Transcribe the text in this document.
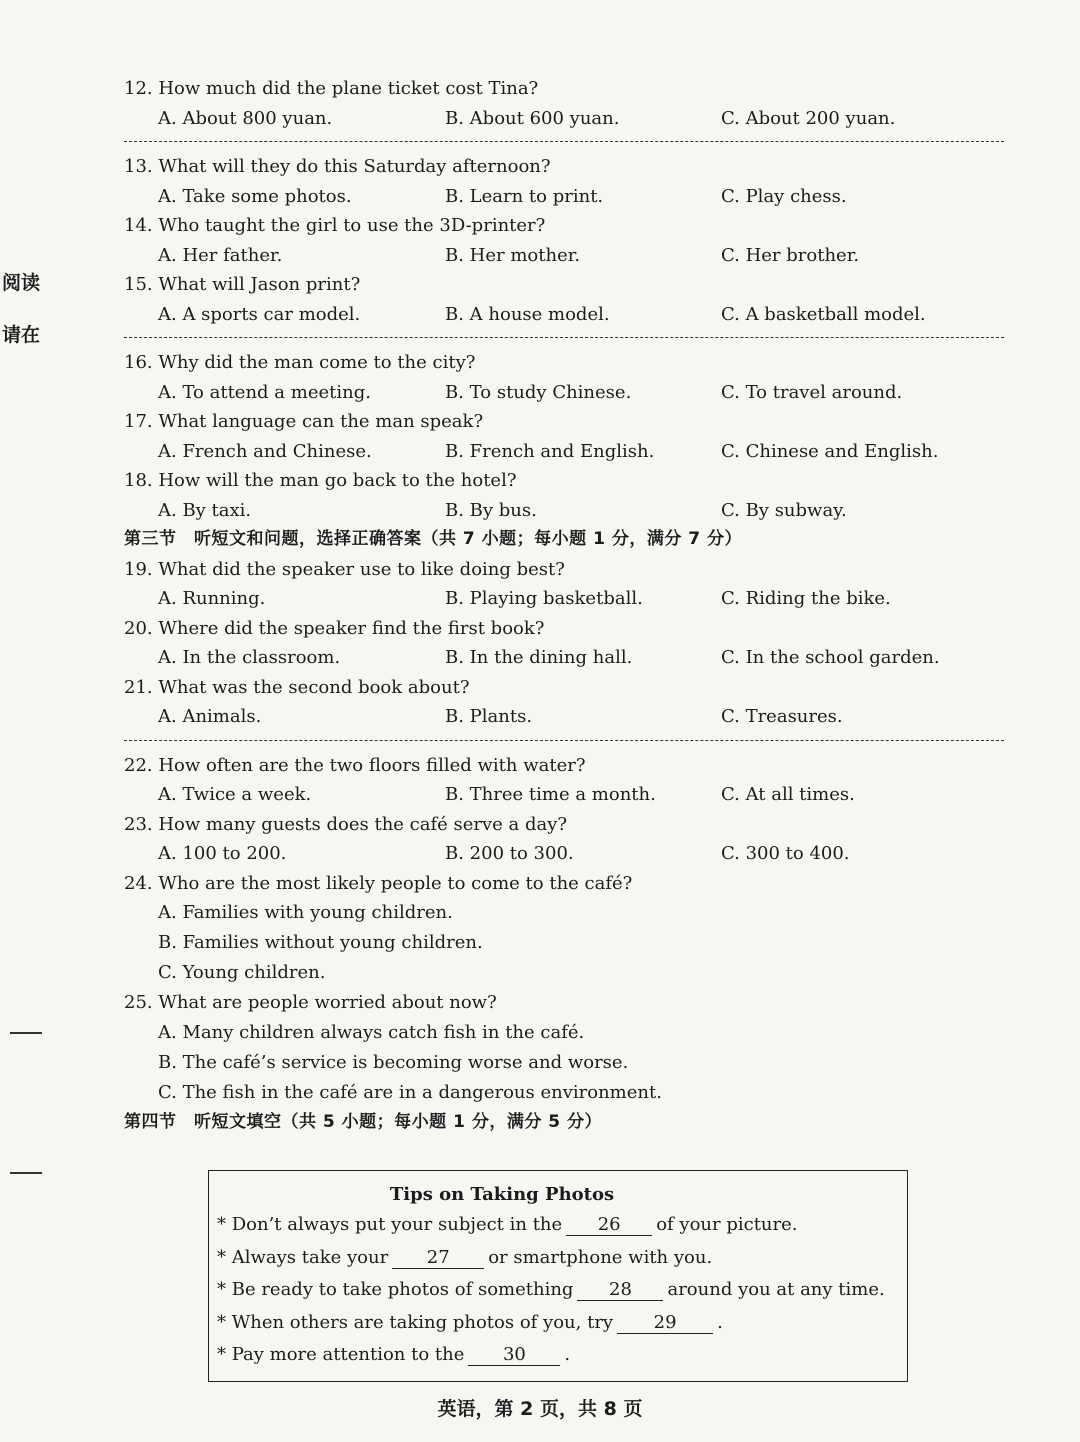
阅读
请在
12. How much did the plane ticket cost Tina?
A. About 800 yuan.	B. About 600 yuan.	C. About 200 yuan.
13. What will they do this Saturday afternoon?
A. Take some photos.	B. Learn to print.	C. Play chess.
14. Who taught the girl to use the 3D-printer?
A. Her father.	B. Her mother.	C. Her brother.
15. What will Jason print?
A. A sports car model.	B. A house model.	C. A basketball model.
16. Why did the man come to the city?
A. To attend a meeting.	B. To study Chinese.	C. To travel around.
17. What language can the man speak?
A. French and Chinese.	B. French and English.	C. Chinese and English.
18. How will the man go back to the hotel?
A. By taxi.	B. By bus.	C. By subway.
第三节　听短文和问题，选择正确答案（共 7 小题；每小题 1 分，满分 7 分）
19. What did the speaker use to like doing best?
A. Running.	B. Playing basketball.	C. Riding the bike.
20. Where did the speaker find the first book?
A. In the classroom.	B. In the dining hall.	C. In the school garden.
21. What was the second book about?
A. Animals.	B. Plants.	C. Treasures.
22. How often are the two floors filled with water?
A. Twice a week.	B. Three time a month.	C. At all times.
23. How many guests does the café serve a day?
A. 100 to 200.	B. 200 to 300.	C. 300 to 400.
24. Who are the most likely people to come to the café?
A. Families with young children.
B. Families without young children.
C. Young children.
25. What are people worried about now?
A. Many children always catch fish in the café.
B. The café’s service is becoming worse and worse.
C. The fish in the café are in a dangerous environment.
第四节　听短文填空（共 5 小题；每小题 1 分，满分 5 分）
Tips on Taking Photos
* Don’t always put your subject in the 26 of your picture.
* Always take your 27 or smartphone with you.
* Be ready to take photos of something 28 around you at any time.
* When others are taking photos of you, try 29 .
* Pay more attention to the 30 .
英语，第 2 页，共 8 页
